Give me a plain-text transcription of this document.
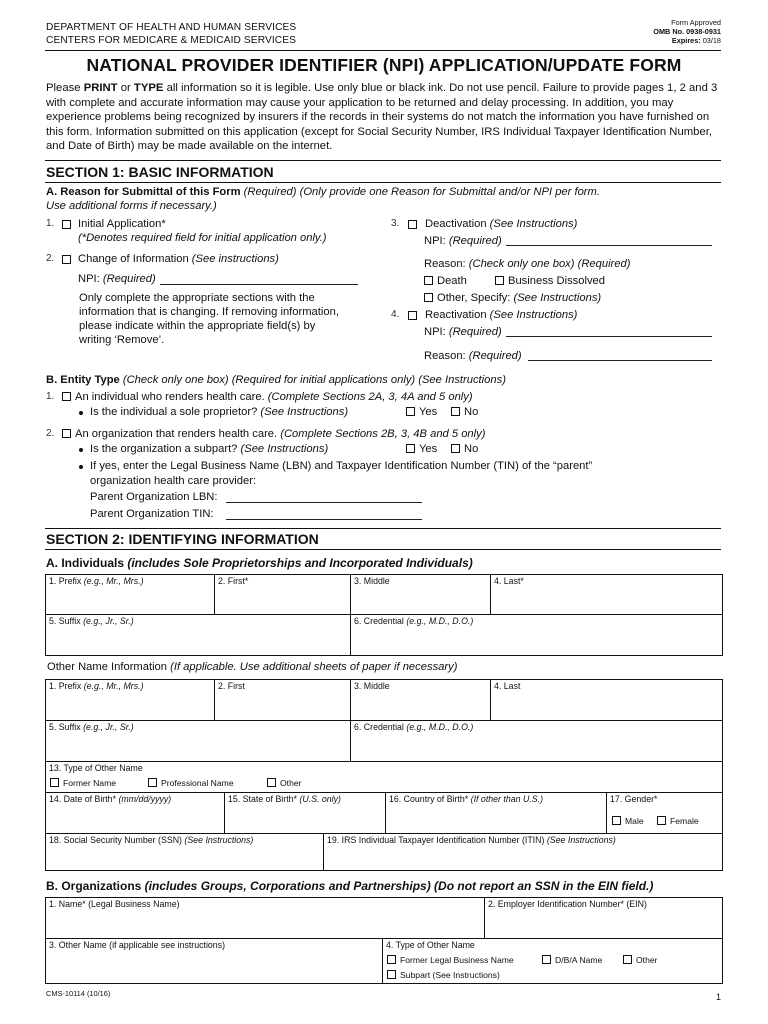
DEPARTMENT OF HEALTH AND HUMAN SERVICES
CENTERS FOR MEDICARE & MEDICAID SERVICES
Form Approved
OMB No. 0938-0931
Expires: 03/18
NATIONAL PROVIDER IDENTIFIER (NPI) APPLICATION/UPDATE FORM
Please PRINT or TYPE all information so it is legible. Use only blue or black ink. Do not use pencil. Failure to provide pages 1, 2 and 3 with complete and accurate information may cause your application to be returned and delay processing. In addition, you may experience problems being recognized by insurers if the records in their systems do not match the information you have furnished on this form. Information submitted on this application (except for Social Security Number, IRS Individual Taxpayer Identification Number, and Date of Birth) may be made available on the internet.
SECTION 1: BASIC INFORMATION
A. Reason for Submittal of this Form (Required) (Only provide one Reason for Submittal and/or NPI per form.
Use additional forms if necessary.)
1. Initial Application*
(*Denotes required field for initial application only.)
2. Change of Information (See instructions)
NPI: (Required)
Only complete the appropriate sections with the
information that is changing. If removing information,
please indicate within the appropriate field(s) by
writing ‘Remove’.
3. Deactivation (See Instructions)
NPI: (Required)
Reason: (Check only one box) (Required)
Death	Business Dissolved
Other, Specify: (See Instructions)
4. Reactivation (See Instructions)
NPI: (Required)
Reason: (Required)
B. Entity Type (Check only one box) (Required for initial applications only) (See Instructions)
1.	An individual who renders health care. (Complete Sections 2A, 3, 4A and 5 only)
Is the individual a sole proprietor? (See Instructions)	Yes	No
2.	An organization that renders health care. (Complete Sections 2B, 3, 4B and 5 only)
Is the organization a subpart? (See Instructions)	Yes	No
If yes, enter the Legal Business Name (LBN) and Taxpayer Identification Number (TIN) of the “parent”
organization health care provider:
Parent Organization LBN:
Parent Organization TIN:
SECTION 2: IDENTIFYING INFORMATION
A. Individuals (includes Sole Proprietorships and Incorporated Individuals)
1. Prefix (e.g., Mr., Mrs.)	2. First*	3. Middle	4. Last*
5. Suffix (e.g., Jr., Sr.)	6. Credential (e.g., M.D., D.O.)
Other Name Information (If applicable. Use additional sheets of paper if necessary)
1. Prefix (e.g., Mr., Mrs.)	2. First	3. Middle	4. Last
5. Suffix (e.g., Jr., Sr.)	6. Credential (e.g., M.D., D.O.)
13. Type of Other Name
Former Name	Professional Name	Other
14. Date of Birth* (mm/dd/yyyy)	15. State of Birth* (U.S. only)	16. Country of Birth* (If other than U.S.)	17. Gender*
Male	Female
18. Social Security Number (SSN) (See Instructions)	19. IRS Individual Taxpayer Identification Number (ITIN) (See Instructions)
B. Organizations (includes Groups, Corporations and Partnerships) (Do not report an SSN in the EIN field.)
1. Name* (Legal Business Name)	2. Employer Identification Number* (EIN)
3. Other Name (if applicable see instructions)	4. Type of Other Name
Former Legal Business Name	D/B/A Name	Other
Subpart (See Instructions)
CMS-10114 (10/16)	1
